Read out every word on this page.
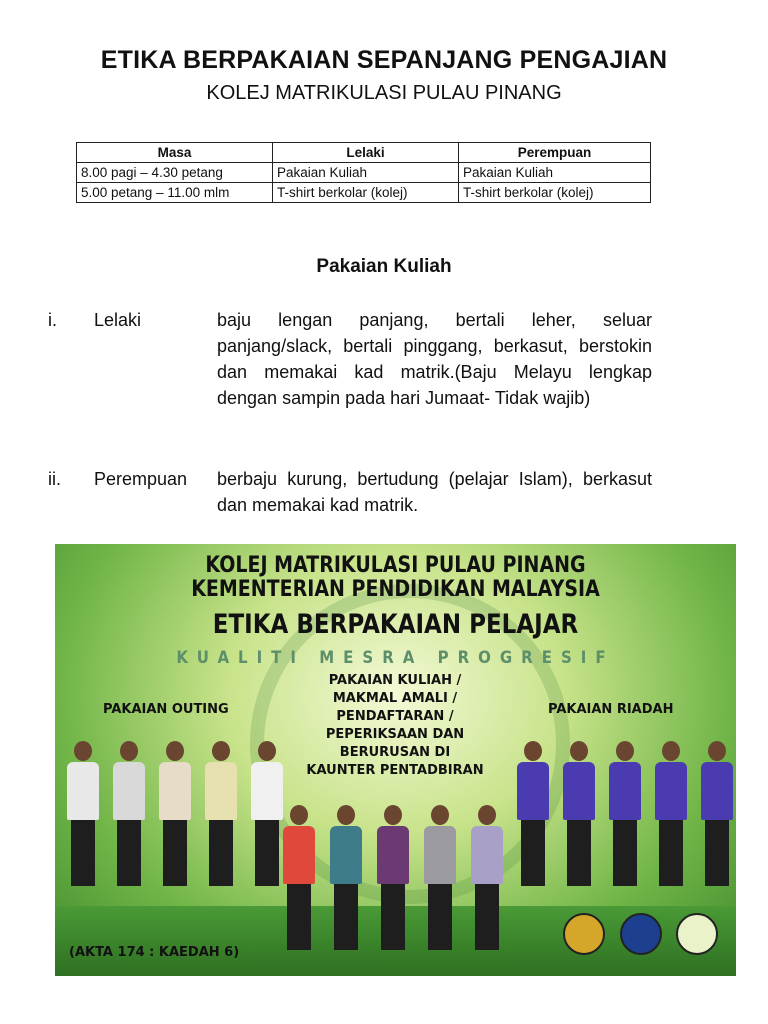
ETIKA BERPAKAIAN SEPANJANG PENGAJIAN
KOLEJ MATRIKULASI PULAU PINANG
Masa	Lelaki	Perempuan
8.00 pagi – 4.30 petang	Pakaian Kuliah	Pakaian Kuliah
5.00 petang – 11.00 mlm	T-shirt berkolar (kolej)	T-shirt berkolar (kolej)
Pakaian Kuliah
i. Lelaki	baju lengan panjang, bertali leher, seluar panjang/slack, bertali pinggang, berkasut, berstokin dan memakai kad matrik.(Baju Melayu lengkap dengan sampin pada hari Jumaat- Tidak wajib)
ii. Perempuan berbaju kurung, bertudung (pelajar Islam), berkasut dan memakai kad matrik.
KOLEJ MATRIKULASI PULAU PINANG
KEMENTERIAN PENDIDIKAN MALAYSIA
ETIKA BERPAKAIAN PELAJAR
KUALITI MESRA PROGRESIF
PAKAIAN OUTING	PAKAIAN RIADAH
PAKAIAN KULIAH / MAKMAL AMALI / PENDAFTARAN / PEPERIKSAAN DAN BERURUSAN DI KAUNTER PENTADBIRAN

(AKTA 174 : KAEDAH 6)
